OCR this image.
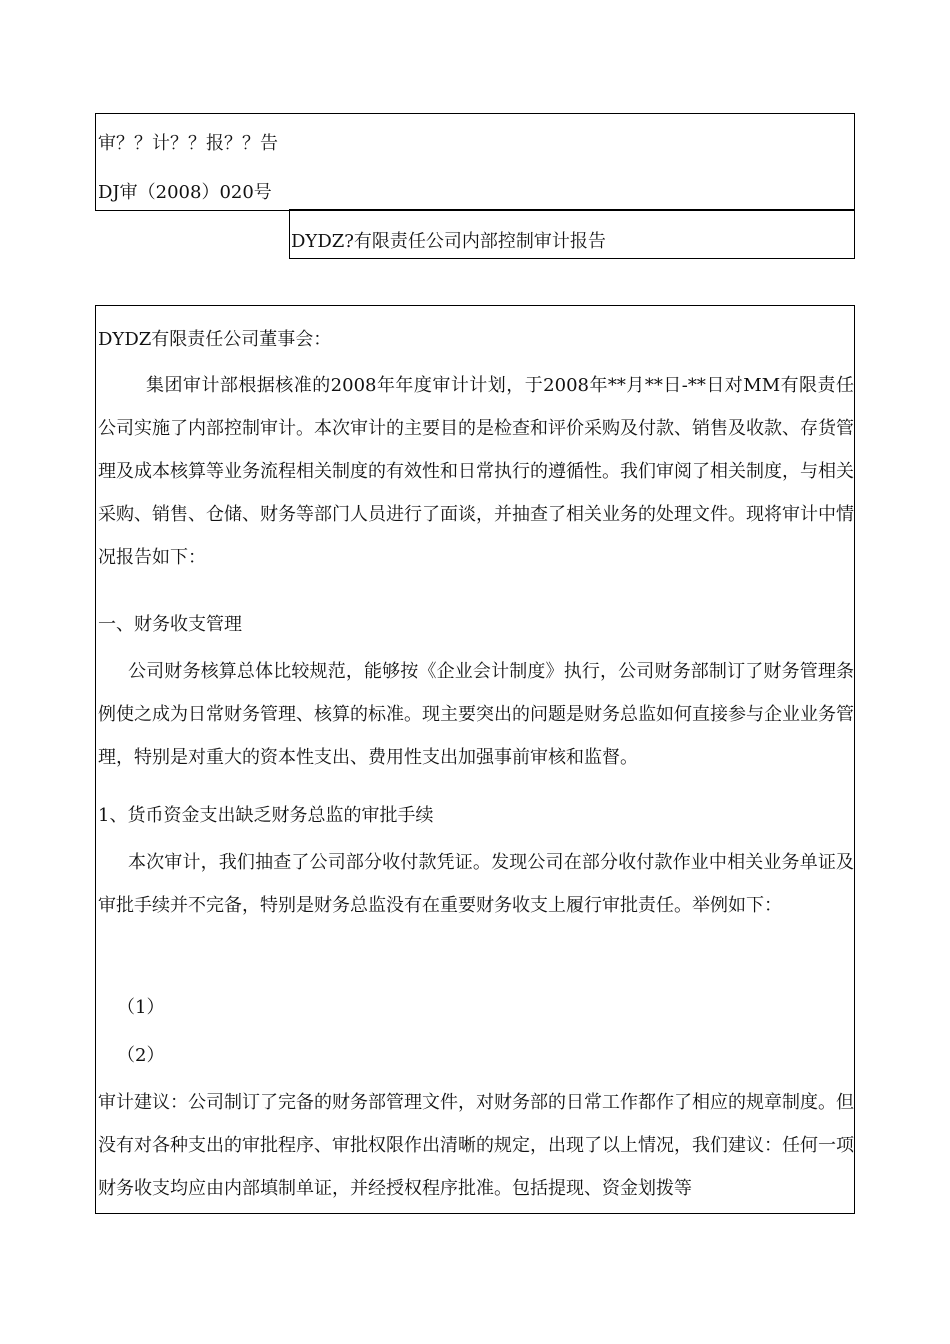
审？？计？？报？？告
DJ审（2008）020号
DYDZ?有限责任公司内部控制审计报告
DYDZ有限责任公司董事会：
集团审计部根据核准的2008年年度审计计划，于2008年**月**日-**日对MM有限责任公司实施了内部控制审计。本次审计的主要目的是检查和评价采购及付款、销售及收款、存货管理及成本核算等业务流程相关制度的有效性和日常执行的遵循性。我们审阅了相关制度，与相关采购、销售、仓储、财务等部门人员进行了面谈，并抽查了相关业务的处理文件。现将审计中情况报告如下：
一、财务收支管理
公司财务核算总体比较规范，能够按《企业会计制度》执行，公司财务部制订了财务管理条例使之成为日常财务管理、核算的标准。现主要突出的问题是财务总监如何直接参与企业业务管理，特别是对重大的资本性支出、费用性支出加强事前审核和监督。
1、货币资金支出缺乏财务总监的审批手续
本次审计，我们抽查了公司部分收付款凭证。发现公司在部分收付款作业中相关业务单证及审批手续并不完备，特别是财务总监没有在重要财务收支上履行审批责任。举例如下：
（1）
（2）
审计建议：公司制订了完备的财务部管理文件，对财务部的日常工作都作了相应的规章制度。但没有对各种支出的审批程序、审批权限作出清晰的规定，出现了以上情况，我们建议：任何一项财务收支均应由内部填制单证，并经授权程序批准。包括提现、资金划拨等
